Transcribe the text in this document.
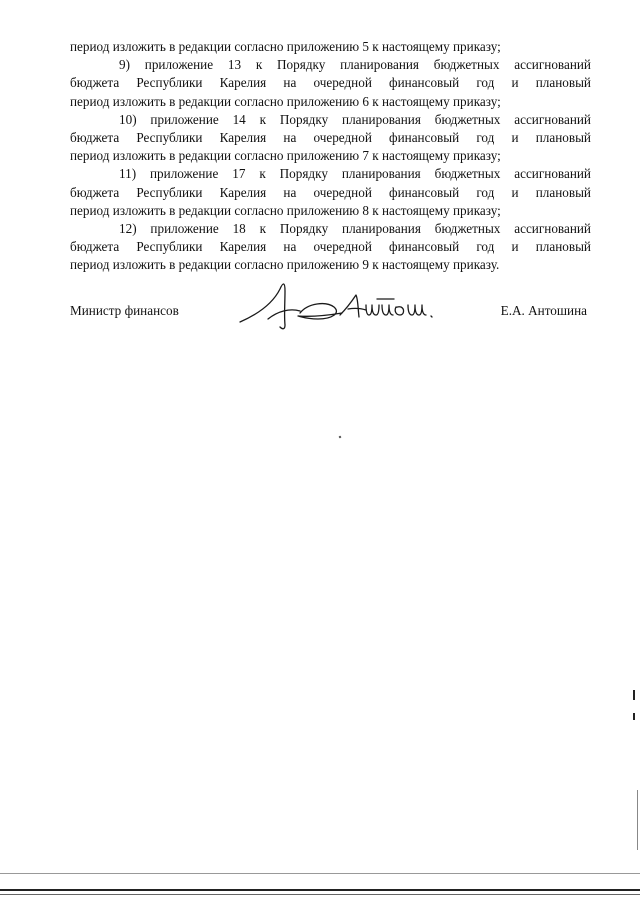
период изложить в редакции согласно приложению 5 к настоящему приказу;
9) приложение 13 к Порядку планирования бюджетных ассигнований
бюджета Республики Карелия на очередной финансовый год и плановый
период изложить в редакции согласно приложению 6 к настоящему приказу;
10) приложение 14 к Порядку планирования бюджетных ассигнований
бюджета Республики Карелия на очередной финансовый год и плановый
период изложить в редакции согласно приложению 7 к настоящему приказу;
11) приложение 17 к Порядку планирования бюджетных ассигнований
бюджета Республики Карелия на очередной финансовый год и плановый
период изложить в редакции согласно приложению 8 к настоящему приказу;
12) приложение 18 к Порядку планирования бюджетных ассигнований
бюджета Республики Карелия на очередной финансовый год и плановый
период изложить в редакции согласно приложению 9 к настоящему приказу.
Министр финансов	Е.А. Антошина
